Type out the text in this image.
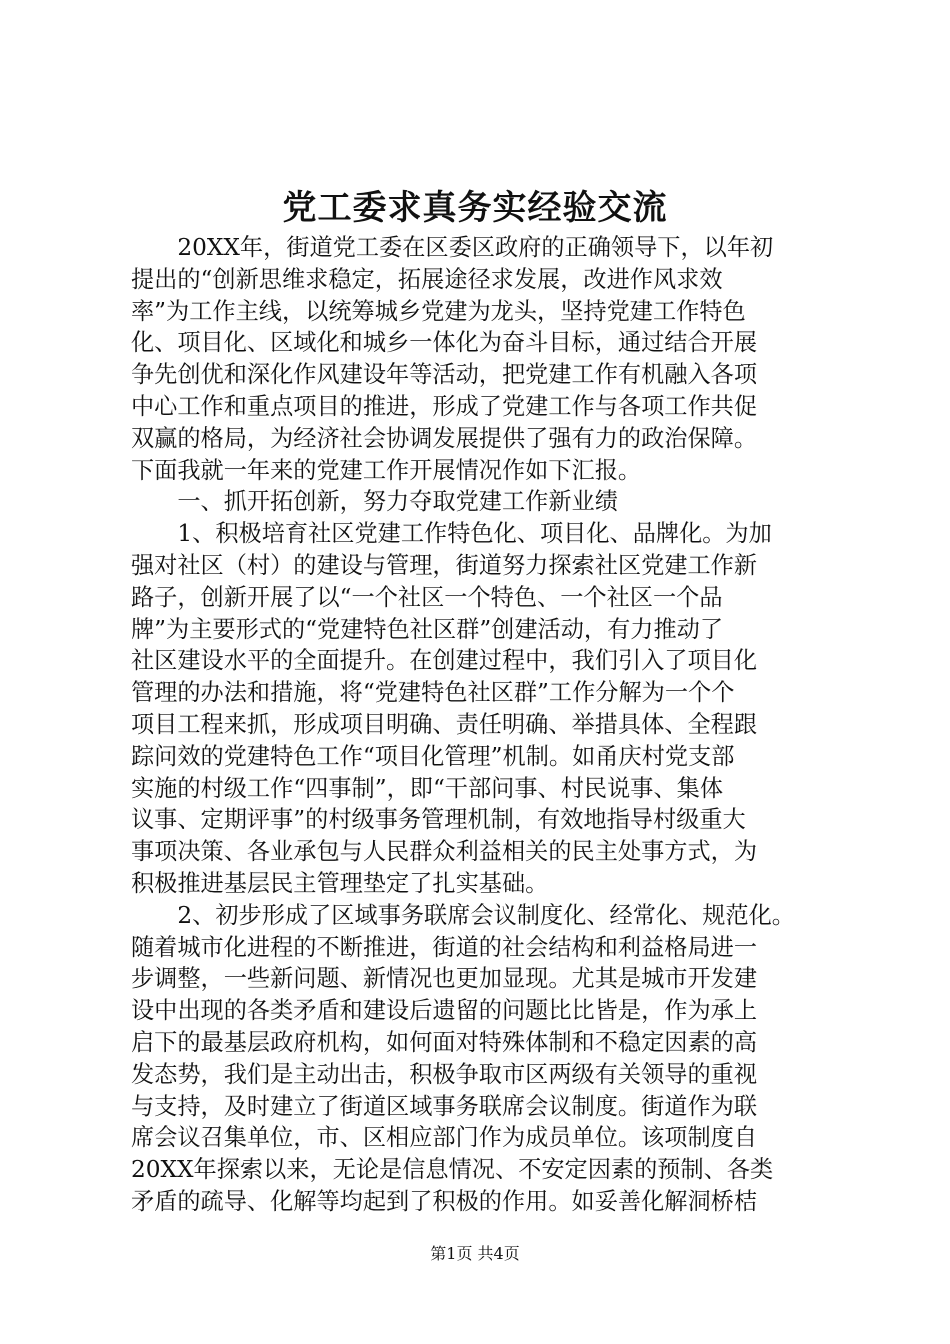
党工委求真务实经验交流
　　20XX年，街道党工委在区委区政府的正确领导下，以年初
提出的“创新思维求稳定，拓展途径求发展，改进作风求效
率”为工作主线，以统筹城乡党建为龙头，坚持党建工作特色
化、项目化、区域化和城乡一体化为奋斗目标，通过结合开展
争先创优和深化作风建设年等活动，把党建工作有机融入各项
中心工作和重点项目的推进，形成了党建工作与各项工作共促
双赢的格局，为经济社会协调发展提供了强有力的政治保障。
下面我就一年来的党建工作开展情况作如下汇报。
　　一、抓开拓创新，努力夺取党建工作新业绩
　　1、积极培育社区党建工作特色化、项目化、品牌化。为加
强对社区（村）的建设与管理，街道努力探索社区党建工作新
路子，创新开展了以“一个社区一个特色、一个社区一个品
牌”为主要形式的“党建特色社区群”创建活动，有力推动了
社区建设水平的全面提升。在创建过程中，我们引入了项目化
管理的办法和措施，将“党建特色社区群”工作分解为一个个
项目工程来抓，形成项目明确、责任明确、举措具体、全程跟
踪问效的党建特色工作“项目化管理”机制。如甬庆村党支部
实施的村级工作“四事制”，即“干部问事、村民说事、集体
议事、定期评事”的村级事务管理机制，有效地指导村级重大
事项决策、各业承包与人民群众利益相关的民主处事方式，为
积极推进基层民主管理垫定了扎实基础。
　　2、初步形成了区域事务联席会议制度化、经常化、规范化。
随着城市化进程的不断推进，街道的社会结构和利益格局进一
步调整，一些新问题、新情况也更加显现。尤其是城市开发建
设中出现的各类矛盾和建设后遗留的问题比比皆是，作为承上
启下的最基层政府机构，如何面对特殊体制和不稳定因素的高
发态势，我们是主动出击，积极争取市区两级有关领导的重视
与支持，及时建立了街道区域事务联席会议制度。街道作为联
席会议召集单位，市、区相应部门作为成员单位。该项制度自
20XX年探索以来，无论是信息情况、不安定因素的预制、各类
矛盾的疏导、化解等均起到了积极的作用。如妥善化解洞桥桔
第1页 共4页
